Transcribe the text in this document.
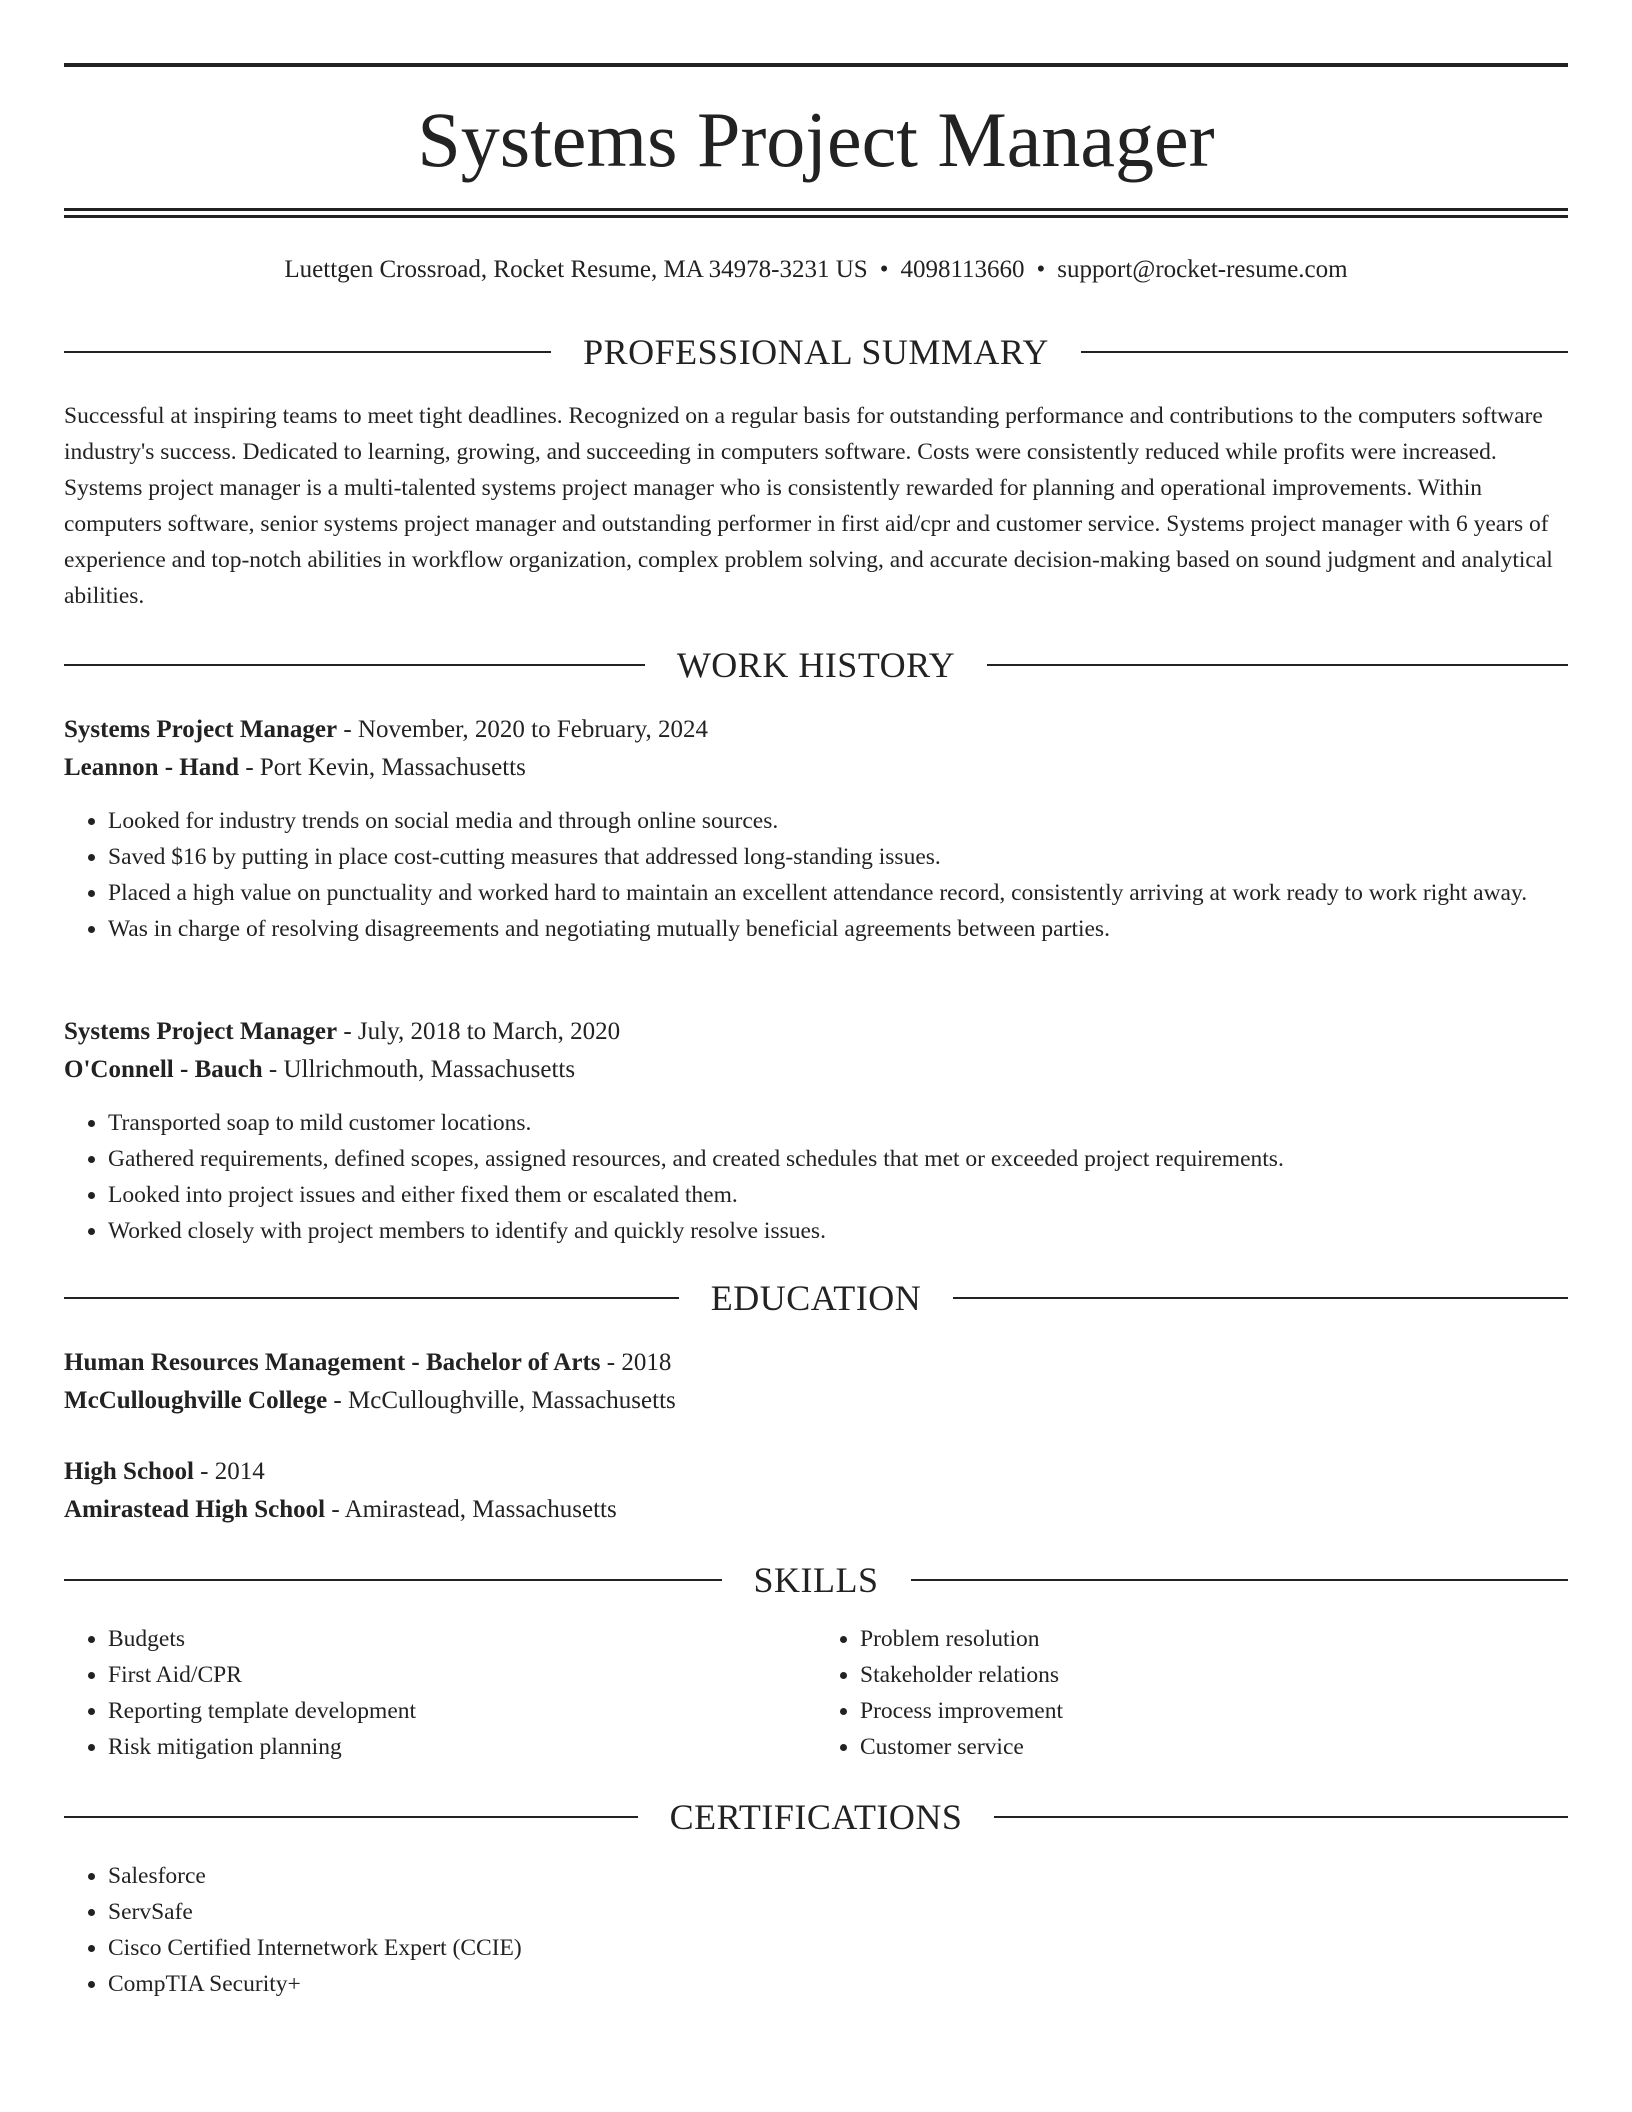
Systems Project Manager
Luettgen Crossroad, Rocket Resume, MA 34978-3231 US • 4098113660 • support@rocket-resume.com
PROFESSIONAL SUMMARY

Successful at inspiring teams to meet tight deadlines. Recognized on a regular basis for outstanding performance and contributions to the computers software industry's success. Dedicated to learning, growing, and succeeding in computers software. Costs were consistently reduced while profits were increased. Systems project manager is a multi-talented systems project manager who is consistently rewarded for planning and operational improvements. Within computers software, senior systems project manager and outstanding performer in first aid/cpr and customer service. Systems project manager with 6 years of experience and top-notch abilities in workflow organization, complex problem solving, and accurate decision-making based on sound judgment and analytical abilities.

WORK HISTORY
Systems Project Manager - November, 2020 to February, 2024
Leannon - Hand - Port Kevin, Massachusetts
• Looked for industry trends on social media and through online sources.
• Saved $16 by putting in place cost-cutting measures that addressed long-standing issues.
• Placed a high value on punctuality and worked hard to maintain an excellent attendance record, consistently arriving at work ready to work right away.
• Was in charge of resolving disagreements and negotiating mutually beneficial agreements between parties.
Systems Project Manager - July, 2018 to March, 2020
O'Connell - Bauch - Ullrichmouth, Massachusetts
• Transported soap to mild customer locations.
• Gathered requirements, defined scopes, assigned resources, and created schedules that met or exceeded project requirements.
• Looked into project issues and either fixed them or escalated them.
• Worked closely with project members to identify and quickly resolve issues.
EDUCATION
Human Resources Management - Bachelor of Arts - 2018
McCulloughville College - McCulloughville, Massachusetts
High School - 2014
Amirastead High School - Amirastead, Massachusetts
SKILLS
• Budgets
• First Aid/CPR
• Reporting template development
• Risk mitigation planning
• Problem resolution
• Stakeholder relations
• Process improvement
• Customer service
CERTIFICATIONS
• Salesforce
• ServSafe
• Cisco Certified Internetwork Expert (CCIE)
• CompTIA Security+
